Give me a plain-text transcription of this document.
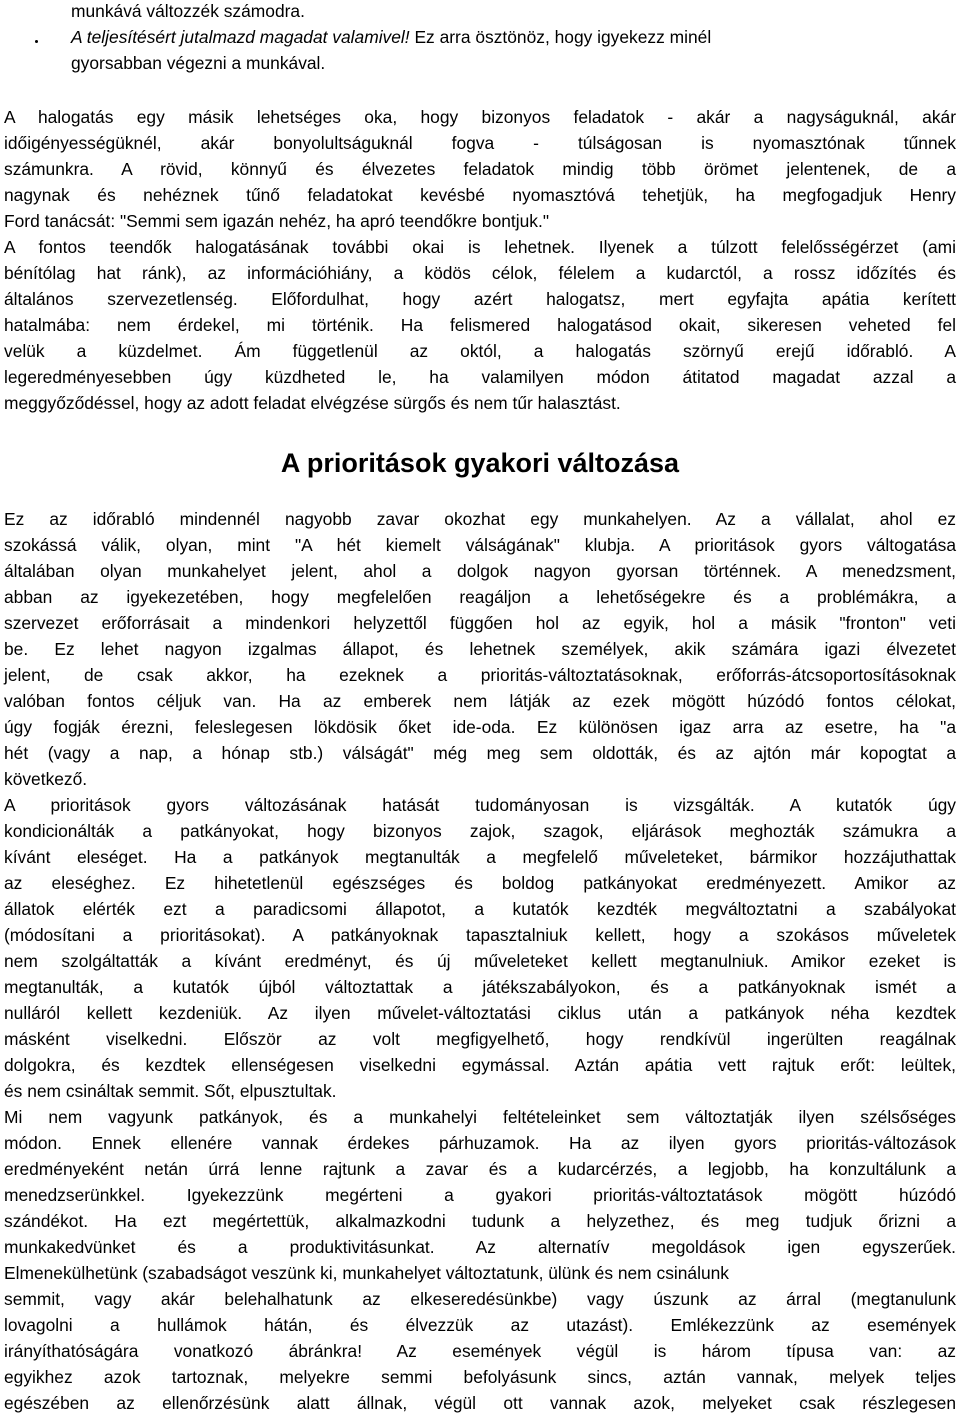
munkává változzék számodra.
A teljesítésért jutalmazd magadat valamivel! Ez arra ösztönöz, hogy igyekezz minél
gyorsabban végezni a munkával.
A halogatás egy másik lehetséges oka, hogy bizonyos feladatok - akár a nagyságuknál, akár
időigényességüknél, akár bonyolultságuknál fogva - túlságosan is nyomasztónak tűnnek
számunkra. A rövid, könnyű és élvezetes feladatok mindig több örömet jelentenek, de a
nagynak és nehéznek tűnő feladatokat kevésbé nyomasztóvá tehetjük, ha megfogadjuk Henry
Ford tanácsát: "Semmi sem igazán nehéz, ha apró teendőkre bontjuk."
A fontos teendők halogatásának további okai is lehetnek. Ilyenek a túlzott felelősségérzet (ami
bénítólag hat ránk), az információhiány, a ködös célok, félelem a kudarctól, a rossz időzítés és
általános szervezetlenség. Előfordulhat, hogy azért halogatsz, mert egyfajta apátia kerített
hatalmába: nem érdekel, mi történik. Ha felismered halogatásod okait, sikeresen veheted fel
velük a küzdelmet. Ám függetlenül az októl, a halogatás szörnyű erejű időrabló. A
legeredményesebben úgy küzdheted le, ha valamilyen módon átitatod magadat azzal a
meggyőződéssel, hogy az adott feladat elvégzése sürgős és nem tűr halasztást.
A prioritások gyakori változása
Ez az időrabló mindennél nagyobb zavar okozhat egy munkahelyen. Az a vállalat, ahol ez
szokássá válik, olyan, mint "A hét kiemelt válságának" klubja. A prioritások gyors váltogatása
általában olyan munkahelyet jelent, ahol a dolgok nagyon gyorsan történnek. A menedzsment,
abban az igyekezetében, hogy megfelelően reagáljon a lehetőségekre és a problémákra, a
szervezet erőforrásait a mindenkori helyzettől függően hol az egyik, hol a másik "fronton" veti
be. Ez lehet nagyon izgalmas állapot, és lehetnek személyek, akik számára igazi élvezetet
jelent, de csak akkor, ha ezeknek a prioritás-változtatásoknak, erőforrás-átcsoportosításoknak
valóban fontos céljuk van. Ha az emberek nem látják az ezek mögött húzódó fontos célokat,
úgy fogják érezni, feleslegesen lökdösik őket ide-oda. Ez különösen igaz arra az esetre, ha "a
hét (vagy a nap, a hónap stb.) válságát" még meg sem oldották, és az ajtón már kopogtat a
következő.
A prioritások gyors változásának hatását tudományosan is vizsgálták. A kutatók úgy
kondicionálták a patkányokat, hogy bizonyos zajok, szagok, eljárások meghozták számukra a
kívánt eleséget. Ha a patkányok megtanulták a megfelelő műveleteket, bármikor hozzájuthattak
az eleséghez. Ez hihetetlenül egészséges és boldog patkányokat eredményezett. Amikor az
állatok elérték ezt a paradicsomi állapotot, a kutatók kezdték megváltoztatni a szabályokat
(módosítani a prioritásokat). A patkányoknak tapasztalniuk kellett, hogy a szokásos műveletek
nem szolgáltatták a kívánt eredményt, és új műveleteket kellett megtanulniuk. Amikor ezeket is
megtanulták, a kutatók újból változtattak a játékszabályokon, és a patkányoknak ismét a
nulláról kellett kezdeniük. Az ilyen művelet-változtatási ciklus után a patkányok néha kezdtek
másként viselkedni. Először az volt megfigyelhető, hogy rendkívül ingerülten reagálnak
dolgokra, és kezdtek ellenségesen viselkedni egymással. Aztán apátia vett rajtuk erőt: leültek,
és nem csináltak semmit. Sőt, elpusztultak.
Mi nem vagyunk patkányok, és a munkahelyi feltételeinket sem változtatják ilyen szélsőséges
módon. Ennek ellenére vannak érdekes párhuzamok. Ha az ilyen gyors prioritás-változások
eredményeként netán úrrá lenne rajtunk a zavar és a kudarcérzés, a legjobb, ha konzultálunk a
menedzserünkkel. Igyekezzünk megérteni a gyakori prioritás-változtatások mögött húzódó
szándékot. Ha ezt megértettük, alkalmazkodni tudunk a helyzethez, és meg tudjuk őrizni a
munkakedvünket és a produktivitásunkat. Az alternatív megoldások igen egyszerűek.
Elmenekülhetünk (szabadságot veszünk ki, munkahelyet változtatunk, ülünk és nem csinálunk
semmit, vagy akár belehalhatunk az elkeseredésünkbe) vagy úszunk az árral (megtanulunk
lovagolni a hullámok hátán, és élvezzük az utazást). Emlékezzünk az események
irányíthatóságára vonatkozó ábránkra! Az események végül is három típusa van: az
egyikhez azok tartoznak, melyekre semmi befolyásunk sincs, aztán vannak, melyek teljes
egészében az ellenőrzésünk alatt állnak, végül ott vannak azok, melyeket csak részlegesen
